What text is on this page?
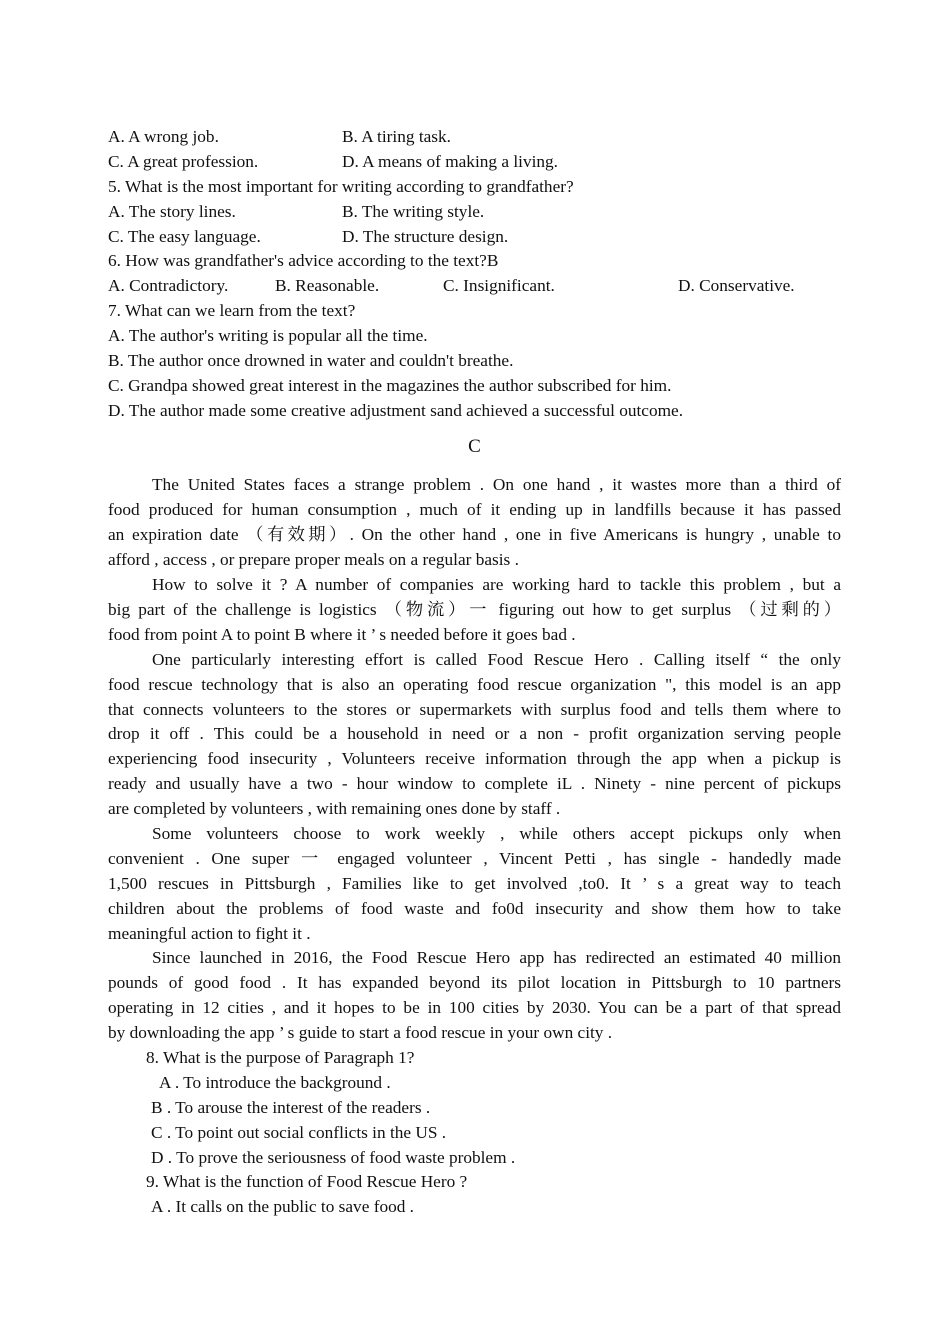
A. A wrong job.	B. A tiring task.
C. A great profession.	D. A means of making a living.
5. What is the most important for writing according to grandfather?
A. The story lines.	B. The writing style.
C. The easy language.	D. The structure design.
6. How was grandfather's advice according to the text?B
A. Contradictory.	B. Reasonable.	C. Insignificant.	D. Conservative.
7. What can we learn from the text?
A. The author's writing is popular all the time.
B. The author once drowned in water and couldn't breathe.
C. Grandpa showed great interest in the magazines the author subscribed for him.
D. The author made some creative adjustment sand achieved a successful outcome.
C
The United States faces a strange problem . On one hand , it wastes more than a third of
food produced for human consumption , much of it ending up in landfills because it has passed
an expiration date （有效期）. On the other hand , one in five Americans is hungry , unable to
afford , access , or prepare proper meals on a regular basis .
How to solve it ? A number of companies are working hard to tackle this problem , but a
big part of the challenge is logistics （物流）一 figuring out how to get surplus （过剩的）
food from point A to point B where it ’ s needed before it goes bad .
One particularly interesting effort is called Food Rescue Hero . Calling itself “ the only
food rescue technology that is also an operating food rescue organization ", this model is an app
that connects volunteers to the stores or supermarkets with surplus food and tells them where to
drop it off . This could be a household in need or a non - profit organization serving people
experiencing food insecurity , Volunteers receive information through the app when a pickup is
ready and usually have a two - hour window to complete iL . Ninety - nine percent of pickups
are completed by volunteers , with remaining ones done by staff .
Some volunteers choose to work weekly , while others accept pickups only when
convenient . One super 一 engaged volunteer , Vincent Petti , has single - handedly made
1,500 rescues in Pittsburgh , Families like to get involved ,to0. It ’ s a great way to teach
children about the problems of food waste and fo0d insecurity and show them how to take
meaningful action to fight it .
Since launched in 2016, the Food Rescue Hero app has redirected an estimated 40 million
pounds of good food . It has expanded beyond its pilot location in Pittsburgh to 10 partners
operating in 12 cities , and it hopes to be in 100 cities by 2030. You can be a part of that spread
by downloading the app ’ s guide to start a food rescue in your own city .
8. What is the purpose of Paragraph 1?
A . To introduce the background .
B . To arouse the interest of the readers .
C . To point out social conflicts in the US .
D . To prove the seriousness of food waste problem .
9. What is the function of Food Rescue Hero ?
A . It calls on the public to save food .
